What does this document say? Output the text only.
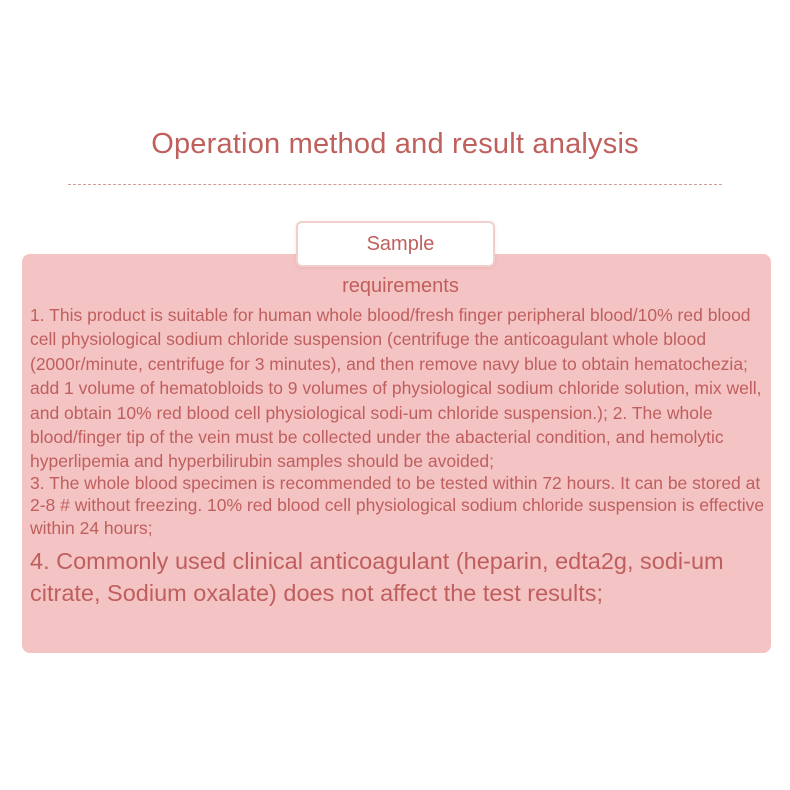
Operation method and result analysis
Sample requirements

1. This product is suitable for human whole blood/fresh finger peripheral blood/10% red blood cell physiological sodium chloride suspension (centrifuge the anticoagulant whole blood (2000r/minute, centrifuge for 3 minutes), and then remove navy blue to obtain hematochezia; add 1 volume of hematobloids to 9 volumes of physiological sodium chloride solution, mix well, and obtain 10% red blood cell physiological sodi-um chloride suspension.); 2. The whole blood/finger tip of the vein must be collected under the abacterial condition, and hemolytic hyperlipemia and hyperbilirubin samples should be avoided;

3. The whole blood specimen is recommended to be tested within 72 hours. It can be stored at 2-8 # without freezing. 10% red blood cell physiological sodium chloride suspension is effective within 24 hours;

4. Commonly used clinical anticoagulant (heparin, edta2g, sodi-um citrate, Sodium oxalate) does not affect the test results;
